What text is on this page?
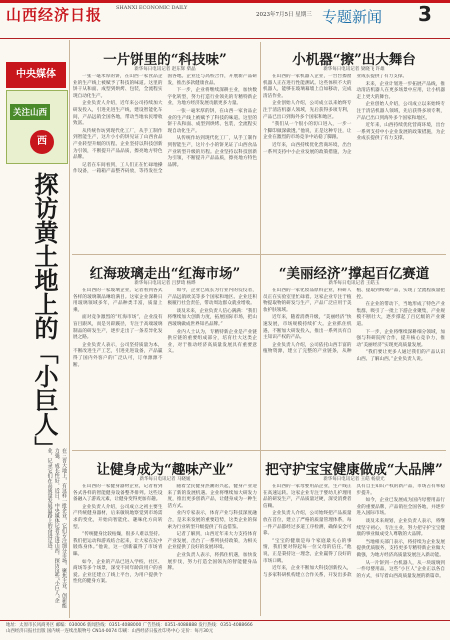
山西经济日报	SHANXI ECONOMIC DAILY
2023年7月5日 星期三 专题新闻 3
中央媒体
关注山西
西
探访黄土地上的「小巨人」
在三晋大地上，有这样一批企业，它们专注细分市场，聚焦主业、创新能力强、成长性好。近日，中央媒体记者走进山西，探访这些“小巨人”企业，记录它们在高质量发展道路上的奋进足迹。
一片饼里的“科技味”
新华每日电讯记者 赵东辉 柴晶

一张一毫米厚的饼，在山西一家食品企业的生产线上被赋予了科技的味道。这里的饼干从和面、成型到烘烤、包装，全流程实现自动化生产。

企业负责人介绍，近年来公司持续加大研发投入，引进先进生产线，建设智能化车间，产品远销全国各地，带动当地农民增收致富。

从传统作坊到现代化工厂，从手工制作到智能生产，这片小小的饼见证了山西食品产业转型升级的历程。企业坚持以科技创新为引领，不断提升产品品质，擦亮地方特色品牌。

记者在车间看到，工人们正在忙碌地操作设备，一箱箱产品整齐码放，等待发往全国各地。企业还与高校合作，开展新产品研发，推出多款健康食品。

下一步，企业将继续深耕主业，加快数字化转型，努力打造行业领先的专精特新企业，为地方经济发展贡献更多力量。

一张一毫米厚的饼，在山西一家食品企业的生产线上被赋予了科技的味道。这里的饼干从和面、成型到烘烤、包装，全流程实现自动化生产。

从传统作坊到现代化工厂，从手工制作到智能生产，这片小小的饼见证了山西食品产业转型升级的历程。企业坚持以科技创新为引领，不断提升产品品质，擦亮地方特色品牌。

小机器“擦”出大舞台
新华每日电讯记者 梁晓飞 许雄

在山西的一家机器人企业，一台台擦窗机器人正在进行性能测试。这些体积不大的机器人，能够在玻璃幕墙上自如移动，完成清洁作业。

企业创始人介绍，公司成立以来始终专注于清洁机器人领域，先后获得多项专利，产品已出口到海外多个国家和地区。

“我们从一个很小的切口进入，一步一个脚印做深做透。”他说，正是这种专注，让企业在激烈的市场竞争中站稳了脚跟。

近年来，山西持续优化营商环境，出台一系列支持中小企业发展的政策措施，为企业成长提供了有力支撑。

未来，企业计划进一步拓展产品线，推动清洁机器人在更多场景中应用，让小机器走上更大的舞台。

企业创始人介绍，公司成立以来始终专注于清洁机器人领域，先后获得多项专利，产品已出口到海外多个国家和地区。

近年来，山西持续优化营商环境，出台一系列支持中小企业发展的政策措施，为企业成长提供了有力支撑。

红海玻璃走出“红海市场”
新华每日电讯记者 吕梦琦 杨晔

在山西的一家玻璃企业，记者看到各式各样的玻璃制品琳琅满目。这家企业深耕日用玻璃领域多年，产品种类丰富，质量上乘。

面对竞争激烈的“红海市场”，企业没有盲目跟风，而是另辟蹊径，专注于高端玻璃制品的研发生产，逐步走出了一条差异化发展之路。

企业负责人表示，公司坚持质量为本，不断改进生产工艺，引进先进设备，产品赢得了国内外客户的广泛认可，订单源源不断。

如今，企业已成长为行业内的佼佼者，产品远销欧美等多个国家和地区。企业还积极履行社会责任，带动周边群众就业增收。

谈及未来，企业负责人信心满满：“我们将继续加大创新力度，拓展国际市场，把山西玻璃做成世界知名品牌。”

业内人士认为，专精特新企业是产业链供应链的重要组成部分，培育壮大这类企业，对于推动经济高质量发展具有重要意义。

“美丽经济”撑起百亿赛道
新华每日电讯记者 王皓玉

在山西的一家化妆品原料企业，科研人员正在实验室里忙碌着。这家企业专注于植物提取物的研发与生产，产品广泛应用于美妆护肤领域。

近年来，随着消费升级，“美丽经济”快速发展，市场规模持续扩大。企业抓住机遇，不断加大研发投入，推出一系列具有自主知识产权的产品。

企业负责人介绍，公司依托山西丰富的植物资源，建立了完整的产业链条，从种植、提取到终端产品，实现了全流程质量把控。

在企业的带动下，当地形成了特色产业集群，吸引了一批上下游企业聚集，产业规模不断壮大，逐步撑起了百亿级的产业赛道。

下一步，企业将继续深耕细分领域，加强与科研院所合作，提升核心竞争力，推动“美丽经济”实现更高质量发展。

“我们要让更多人通过我们的产品认识山西、了解山西。”企业负责人说。

让健身成为“趣味产业”
新华每日电讯记者 马晓媛

在山西的一家健身器材企业，记者看到各式各样的智能健身设备整齐排列。这些设备融入了游戏元素，让健身变得更加有趣。

企业负责人介绍，公司成立之初主要生产传统健身器材，后来敏锐地察觉到市场需求的变化，开始向智能化、趣味化方向转型。

“传统健身比较枯燥，很多人难以坚持。我们把运动和游戏结合起来，让大家在玩中锻炼身体。”他说，这一创新赢得了市场青睐。

如今，企业的产品已进入学校、社区、商场等多个场景，深受不同年龄段用户的喜爱。企业还建立了线上平台，为用户提供个性化的健身方案。

随着全民健身热潮的兴起，健身产业迎来了新的发展机遇。企业将继续加大研发力度，推出更多创新产品，让健身成为一种生活方式。

业内专家表示，体育产业与科技深度融合，是未来发展的重要趋势，这类企业的探索为行业转型升级提供了有益借鉴。

记者了解到，山西近年来大力支持体育产业发展，出台了一系列扶持政策，为相关企业提供了良好的发展环境。

企业负责人表示，将抓住机遇，加快发展步伐，努力打造全国领先的智能健身品牌。

把守护宝宝健康做成“大品牌”
新华每日电讯记者 王皓 杨晨光

在山西的一家母婴用品企业，生产线正在高速运转。这家企业专注于婴幼儿护理用品的研发生产，产品质量过硬，深受消费者信赖。

企业负责人介绍，公司始终把产品质量放在首位，建立了严格的质量管理体系，每一件产品都经过多道工序检测，确保安全可靠。

“宝宝的健康是每个家庭最关心的事情，我们要对得起每一位父母的信任。”他说，正是秉持这一理念，企业赢得了良好的市场口碑。

近年来，企业不断加大科技创新投入，与多家科研机构建立合作关系，开发出多款具有自主知识产权的新产品，市场占有率稳步提升。

如今，企业已发展成为国内母婴用品行业的重要品牌，产品销往全国各地，并逐步进入国际市场。

谈及未来规划，企业负责人表示，将继续坚守初心，专注主业，努力把守护宝宝健康的事业做成受人尊敬的大品牌。

当地相关部门表示，将持续为企业发展提供优质服务，支持更多专精特新企业做大做强，为地方经济高质量发展注入新动能。

从一片饼到一台机器人，从一块玻璃到一件母婴用品，这些“小巨人”企业正以各自的方式，书写着山西高质量发展的新篇章。

地址：太原市长风商务区 邮编：030006 新闻热线：0351-4088000 广告热线：0351-4088888 发行热线：0351-4088666
山西经济日报社出版 国内统一连续出版物号 CN14-0074 印刷：山西经济日报社印务中心 定价：每月30元
